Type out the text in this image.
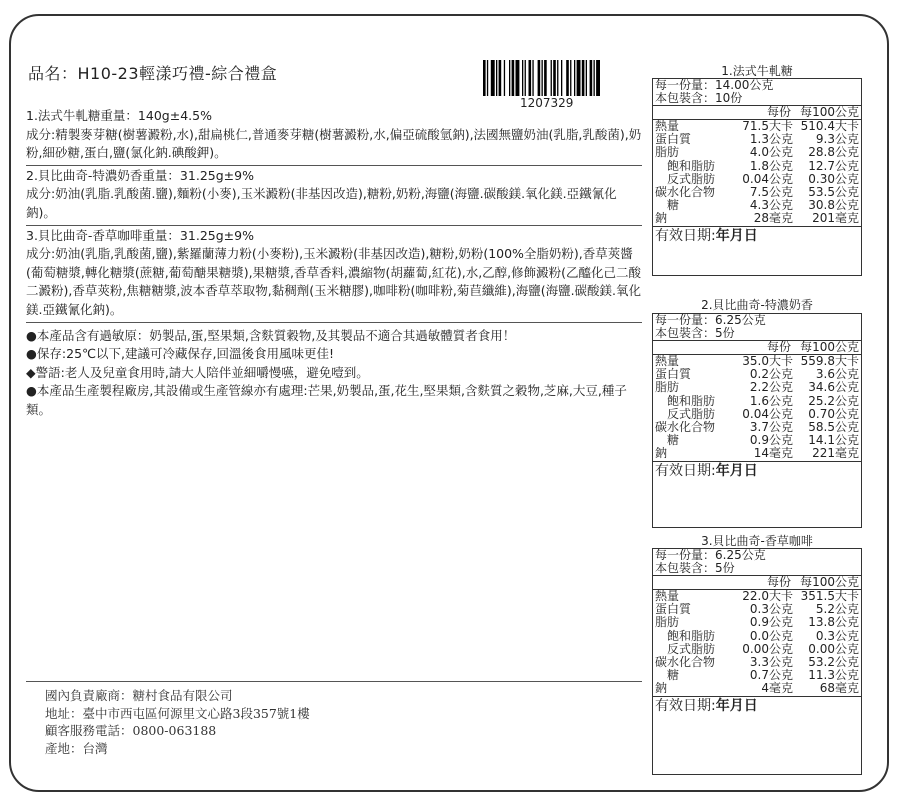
品名：H10-23輕漾巧禮-綜合禮盒
1207329
1.法式牛軋糖重量：140g±4.5%
成分:精製麥芽糖(樹薯澱粉,水),甜扁桃仁,普通麥芽糖(樹薯澱粉,水,偏亞硫酸氫鈉),法國無鹽奶油(乳脂,乳酸菌),奶粉,細砂糖,蛋白,鹽(氯化鈉.碘酸鉀)。
2.貝比曲奇-特濃奶香重量：31.25g±9%
成分:奶油(乳脂.乳酸菌.鹽),麵粉(小麥),玉米澱粉(非基因改造),糖粉,奶粉,海鹽(海鹽.碳酸鎂.氧化鎂.亞鐵氰化鈉)。
3.貝比曲奇-香草咖啡重量：31.25g±9%
成分:奶油(乳脂,乳酸菌,鹽),紫羅蘭薄力粉(小麥粉),玉米澱粉(非基因改造),糖粉,奶粉(100%全脂奶粉),香草莢醬(葡萄糖漿,轉化糖漿(蔗糖,葡萄醣果糖漿),果糖漿,香草香料,濃縮物(胡蘿蔔,紅花),水,乙醇,修飾澱粉(乙醯化己二酸二澱粉),香草莢粉,焦糖糖漿,波本香草萃取物,黏稠劑(玉米糖膠),咖啡粉(咖啡粉,菊苣纖維),海鹽(海鹽.碳酸鎂.氧化鎂.亞鐵氰化鈉)。

●本產品含有過敏原：奶製品,蛋,堅果類,含麩質穀物,及其製品不適合其過敏體質者食用！

●保存:25℃以下,建議可冷藏保存,回溫後食用風味更佳!

◆警語:老人及兒童食用時,請大人陪伴並細嚼慢嚥，避免噎到。

●本產品生產製程廠房,其設備或生產管線亦有處理:芒果,奶製品,蛋,花生,堅果類,含麩質之穀物,芝麻,大豆,種子類。

國內負責廠商：糖村食品有限公司
地址：臺中市西屯區何源里文心路3段357號1樓
顧客服務電話：0800-063188
產地：台灣
1.法式牛軋糖
每一份量：14.00公克
本包裝含：10份
每份 每100公克
熱量	71.5大卡 510.4大卡
蛋白質	1.3公克	9.3公克
脂肪	4.0公克	28.8公克
　飽和脂肪	1.8公克	12.7公克
　反式脂肪	0.04公克	0.30公克
碳水化合物	7.5公克	53.5公克
　糖	4.3公克	30.8公克
鈉	28毫克	201毫克
有效日期:年月日
2.貝比曲奇-特濃奶香
每一份量：6.25公克
本包裝含：5份
每份 每100公克
熱量	35.0大卡 559.8大卡
蛋白質	0.2公克	3.6公克
脂肪	2.2公克	34.6公克
　飽和脂肪	1.6公克	25.2公克
　反式脂肪	0.04公克	0.70公克
碳水化合物	3.7公克	58.5公克
　糖	0.9公克	14.1公克
鈉	14毫克	221毫克
有效日期:年月日
3.貝比曲奇-香草咖啡
每一份量：6.25公克
本包裝含：5份
每份 每100公克
熱量	22.0大卡 351.5大卡
蛋白質	0.3公克	5.2公克
脂肪	0.9公克	13.8公克
　飽和脂肪	0.0公克	0.3公克
　反式脂肪	0.00公克	0.00公克
碳水化合物	3.3公克	53.2公克
　糖	0.7公克	11.3公克
鈉	4毫克	68毫克
有效日期:年月日
